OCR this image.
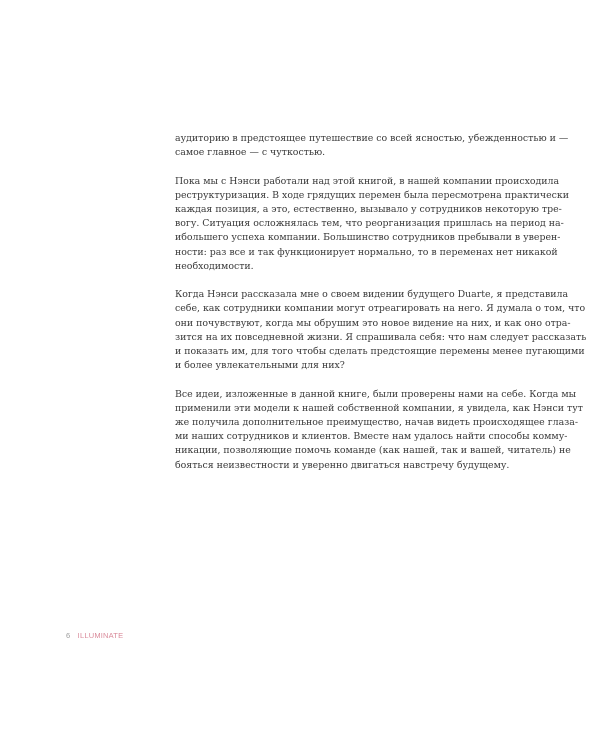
аудиторию в предстоящее путешествие со всей ясностью, убежденностью и —
самое главное — с чуткостью.

Пока мы с Нэнси работали над этой книгой, в нашей компании происходила
реструктуризация. В ходе грядущих перемен была пересмотрена практически
каждая позиция, а это, естественно, вызывало у сотрудников некоторую тре-
вогу. Ситуация осложнялась тем, что реорганизация пришлась на период на-
ибольшего успеха компании. Большинство сотрудников пребывали в уверен-
ности: раз все и так функционирует нормально, то в переменах нет никакой
необходимости.

Когда Нэнси рассказала мне о своем видении будущего Duarte, я представила
себе, как сотрудники компании могут отреагировать на него. Я думала о том, что
они почувствуют, когда мы обрушим это новое видение на них, и как оно отра-
зится на их повседневной жизни. Я спрашивала себя: что нам следует рассказать
и показать им, для того чтобы сделать предстоящие перемены менее пугающими
и более увлекательными для них?

Все идеи, изложенные в данной книге, были проверены нами на себе. Когда мы
применили эти модели к нашей собственной компании, я увидела, как Нэнси тут
же получила дополнительное преимущество, начав видеть происходящее глаза-
ми наших сотрудников и клиентов. Вместе нам удалось найти способы комму-
никации, позволяющие помочь команде (как нашей, так и вашей, читатель) не
бояться неизвестности и уверенно двигаться навстречу будущему.

6 ILLUMINATE
